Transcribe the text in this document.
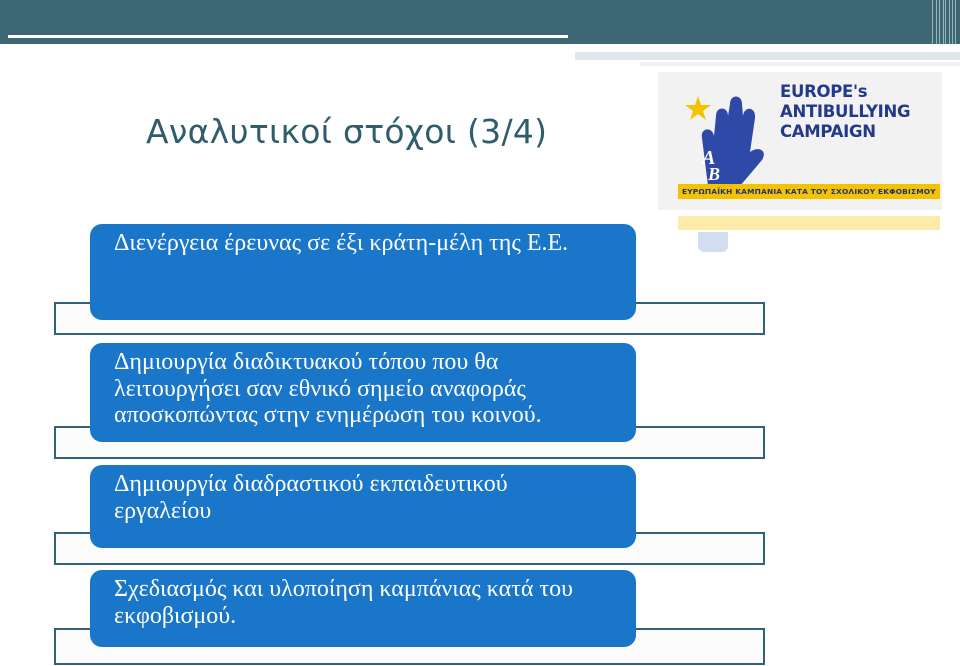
Αναλυτικοί στόχοι (3/4)
A
B
EUROPE's
ANTIBULLYING
CAMPAIGN
ΕΥΡΩΠΑΪΚΗ ΚΑΜΠΑΝΙΑ ΚΑΤΑ ΤΟΥ ΣΧΟΛΙΚΟΥ ΕΚΦΟΒΙΣΜΟΥ

Διενέργεια έρευνας σε έξι κράτη-μέλη της Ε.Ε.

Δημιουργία διαδικτυακού τόπου που θα λειτουργήσει σαν εθνικό σημείο αναφοράς αποσκοπώντας στην ενημέρωση του κοινού.

Δημιουργία διαδραστικού εκπαιδευτικού εργαλείου

Σχεδιασμός και υλοποίηση καμπάνιας κατά του εκφοβισμού.
